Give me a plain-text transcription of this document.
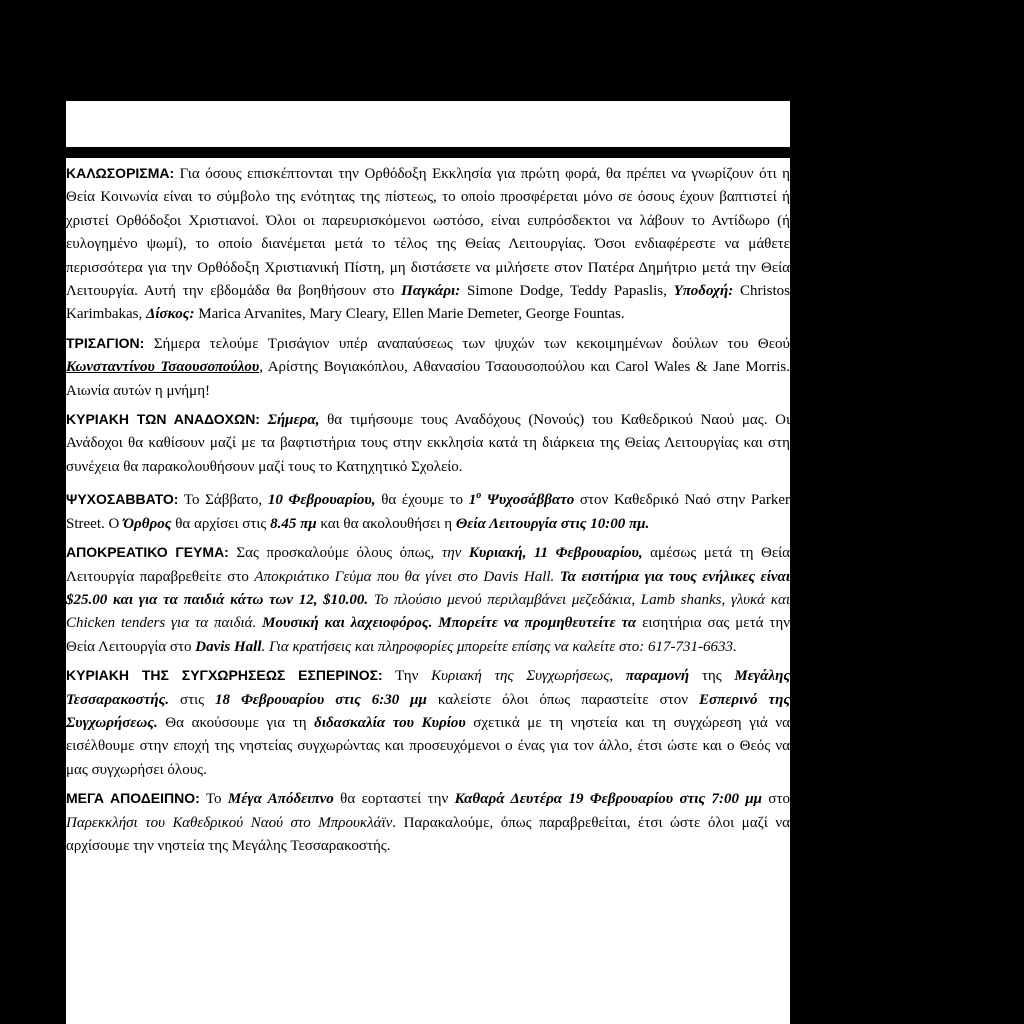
ΚΑΛΩΣΟΡΙΣΜΑ: Για όσους επισκέπτονται την Ορθόδοξη Εκκλησία για πρώτη φορά, θα πρέπει να γνωρίζουν ότι η Θεία Κοινωνία είναι το σύμβολο της ενότητας της πίστεως, το οποίο προσφέρεται μόνο σε όσους έχουν βαπτιστεί ή χριστεί Ορθόδοξοι Χριστιανοί. Όλοι οι παρευρισκόμενοι ωστόσο, είναι ευπρόσδεκτοι να λάβουν το Αντίδωρο (ή ευλογημένο ψωμί), το οποίο διανέμεται μετά το τέλος της Θείας Λειτουργίας. Όσοι ενδιαφέρεστε να μάθετε περισσότερα για την Ορθόδοξη Χριστιανική Πίστη, μη διστάσετε να μιλήσετε στον Πατέρα Δημήτριο μετά την Θεία Λειτουργία. Αυτή την εβδομάδα θα βοηθήσουν στο Παγκάρι: Simone Dodge, Teddy Papaslis, Υποδοχή: Christos Karimbakas, Δίσκος: Marica Arvanites, Mary Cleary, Ellen Marie Demeter, George Fountas.

ΤΡΙΣΑΓΙΟΝ: Σήμερα τελούμε Τρισάγιον υπέρ αναπαύσεως των ψυχών των κεκοιμημένων δούλων του Θεού Κωνσταντίνου Τσαουσοπούλου, Αρίστης Βογιακόπλου, Αθανασίου Τσαουσοπούλου και Carol Wales & Jane Morris. Αιωνία αυτών η μνήμη!

ΚΥΡΙΑΚΗ ΤΩΝ ΑΝΑΔΟΧΩΝ: Σήμερα, θα τιμήσουμε τους Αναδόχους (Νονούς) του Καθεδρικού Ναού μας. Οι Ανάδοχοι θα καθίσουν μαζί με τα βαφτιστήρια τους στην εκκλησία κατά τη διάρκεια της Θείας Λειτουργίας και στη συνέχεια θα παρακολουθήσουν μαζί τους το Κατηχητικό Σχολείο.

ΨΥΧΟΣΑΒΒΑΤΟ: Το Σάββατο, 10 Φεβρουαρίου, θα έχουμε το $1^o$ Ψυχοσάββατο στον Καθεδρικό Ναό στην Parker Street. Ο Όρθρος θα αρχίσει στις 8.45 πμ και θα ακολουθήσει η Θεία Λειτουργία στις 10:00 πμ.

ΑΠΟΚΡΕΑΤΙΚΟ ΓΕΥΜΑ: Σας προσκαλούμε όλους όπως, την Κυριακή, 11 Φεβρουαρίου, αμέσως μετά τη Θεία Λειτουργία παραβρεθείτε στο Αποκριάτικο Γεύμα που θα γίνει στο Davis Hall. Τα εισιτήρια για τους ενήλικες είναι $25.00 και για τα παιδιά κάτω των 12, $10.00. Το πλούσιο μενού περιλαμβάνει μεζεδάκια, Lamb shanks, γλυκά και Chicken tenders για τα παιδιά. Μουσική και λαχειοφόρος. Μπορείτε να προμηθευτείτε τα εισητήρια σας μετά την Θεία Λειτουργία στο Davis Hall. Για κρατήσεις και πληροφορίες μπορείτε επίσης να καλείτε στο: 617-731-6633.

ΚΥΡΙΑΚΗ ΤΗΣ ΣΥΓΧΩΡΗΣΕΩΣ ΕΣΠΕΡΙΝΟΣ: Την Κυριακή της Συγχωρήσεως, παραμονή της Μεγάλης Τεσσαρακοστής. στις 18 Φεβρουαρίου στις 6:30 μμ καλείστε όλοι όπως παραστείτε στον Εσπερινό της Συγχωρήσεως. Θα ακούσουμε για τη διδασκαλία του Κυρίου σχετικά με τη νηστεία και τη συγχώρεση γιά να εισέλθουμε στην εποχή της νηστείας συγχωρώντας και προσευχόμενοι ο ένας για τον άλλο, έτσι ώστε και ο Θεός να μας συγχωρήσει όλους.

ΜΕΓΑ ΑΠΟΔΕΙΠΝΟ: Το Μέγα Απόδειπνο θα εορταστεί την Καθαρά Δευτέρα 19 Φεβρουαρίου στις 7:00 μμ στο Παρεκκλήσι του Καθεδρικού Ναού στο Μπρουκλάϊν. Παρακαλούμε, όπως παραβρεθείται, έτσι ώστε όλοι μαζί να αρχίσουμε την νηστεία της Μεγάλης Τεσσαρακοστής.
